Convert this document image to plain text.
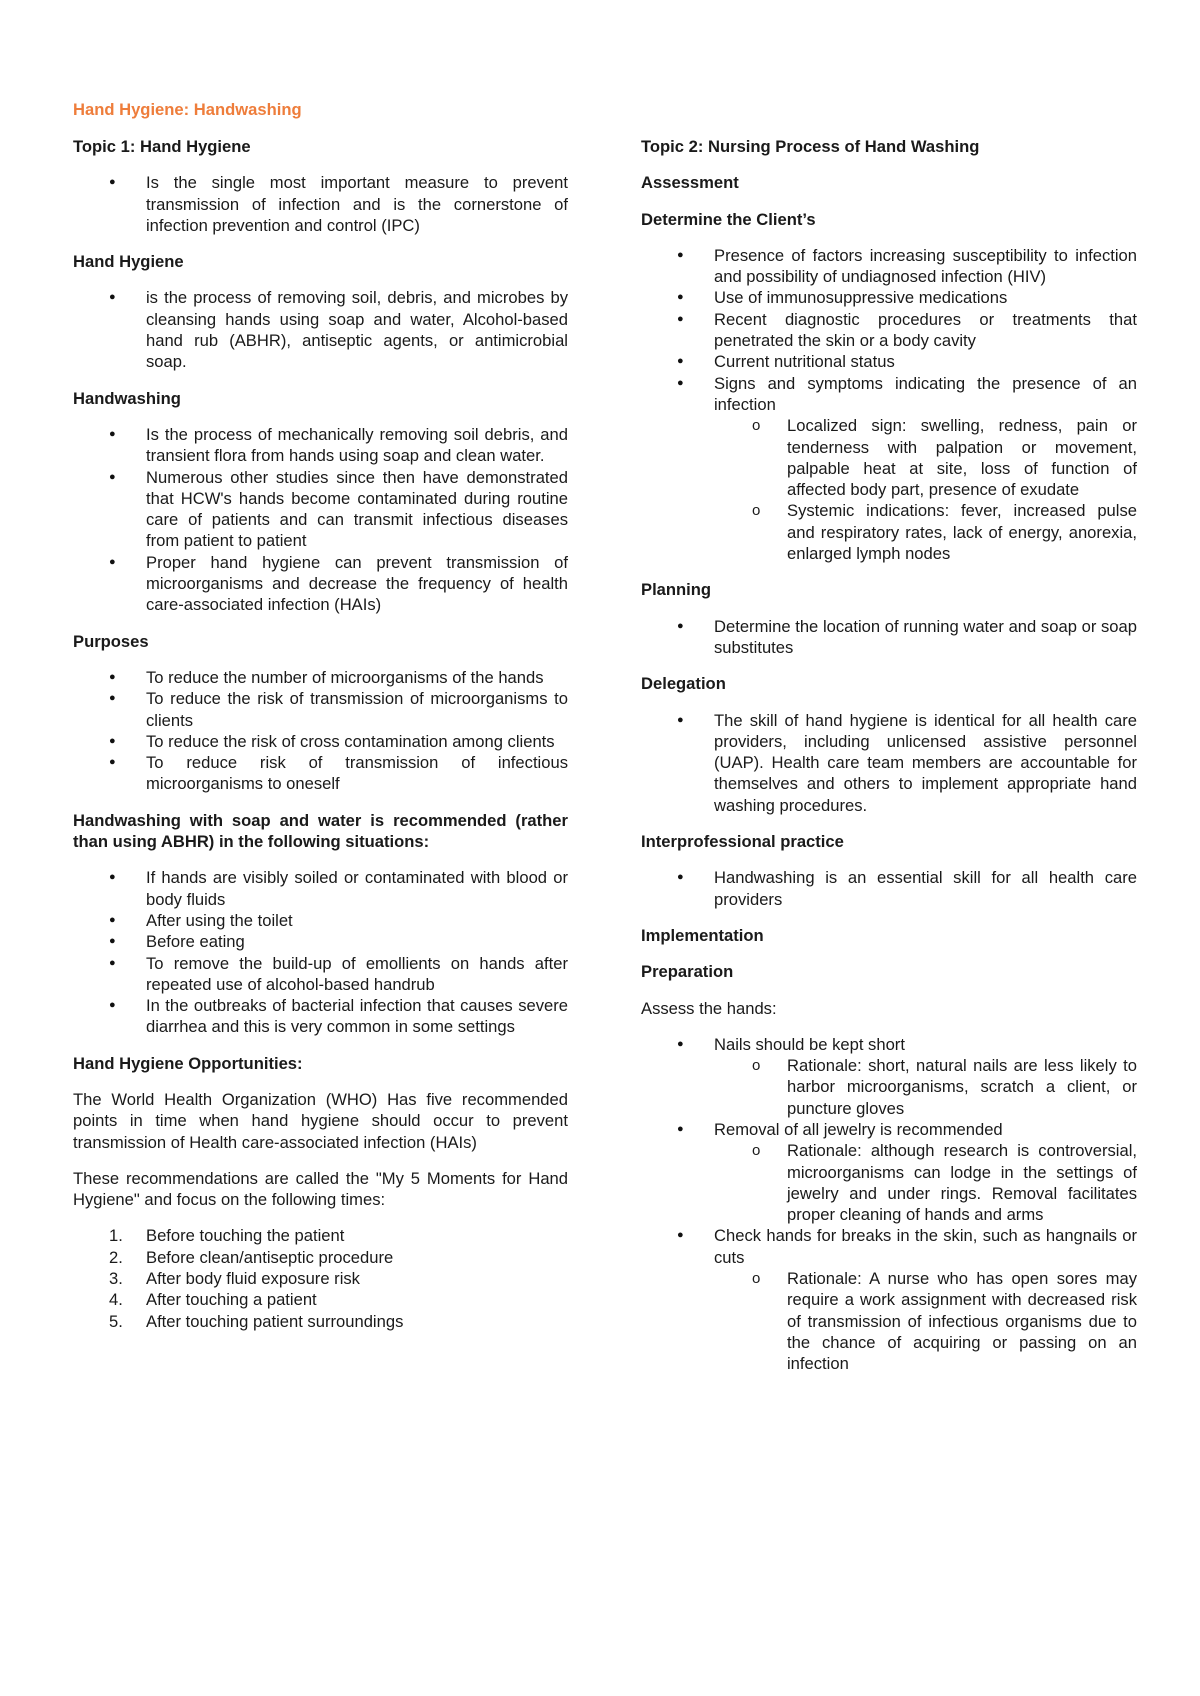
Hand Hygiene: Handwashing
Topic 1: Hand Hygiene
● Is the single most important measure to prevent transmission of infection and is the cornerstone of infection prevention and control (IPC)
Hand Hygiene
● is the process of removing soil, debris, and microbes by cleansing hands using soap and water, Alcohol-based hand rub (ABHR), antiseptic agents, or antimicrobial soap.
Handwashing
● Is the process of mechanically removing soil debris, and transient flora from hands using soap and clean water.
● Numerous other studies since then have demonstrated that HCW's hands become contaminated during routine care of patients and can transmit infectious diseases from patient to patient
● Proper hand hygiene can prevent transmission of microorganisms and decrease the frequency of health care-associated infection (HAIs)
Purposes
● To reduce the number of microorganisms of the hands
● To reduce the risk of transmission of microorganisms to clients
● To reduce the risk of cross contamination among clients
● To reduce risk of transmission of infectious microorganisms to oneself
Handwashing with soap and water is recommended (rather than using ABHR) in the following situations:
● If hands are visibly soiled or contaminated with blood or body fluids
● After using the toilet
● Before eating
● To remove the build-up of emollients on hands after repeated use of alcohol-based handrub
● In the outbreaks of bacterial infection that causes severe diarrhea and this is very common in some settings
Hand Hygiene Opportunities:
The World Health Organization (WHO) Has five recommended points in time when hand hygiene should occur to prevent transmission of Health care-associated infection (HAIs)
These recommendations are called the "My 5 Moments for Hand Hygiene" and focus on the following times:
1. Before touching the patient
2. Before clean/antiseptic procedure
3. After body fluid exposure risk
4. After touching a patient
5. After touching patient surroundings
Topic 2: Nursing Process of Hand Washing
Assessment
Determine the Client’s
● Presence of factors increasing susceptibility to infection and possibility of undiagnosed infection (HIV)
● Use of immunosuppressive medications
● Recent diagnostic procedures or treatments that penetrated the skin or a body cavity
● Current nutritional status
● Signs and symptoms indicating the presence of an infection
o Localized sign: swelling, redness, pain or tenderness with palpation or movement, palpable heat at site, loss of function of affected body part, presence of exudate
o Systemic indications: fever, increased pulse and respiratory rates, lack of energy, anorexia, enlarged lymph nodes
Planning
● Determine the location of running water and soap or soap substitutes
Delegation
● The skill of hand hygiene is identical for all health care providers, including unlicensed assistive personnel (UAP). Health care team members are accountable for themselves and others to implement appropriate hand washing procedures.
Interprofessional practice
● Handwashing is an essential skill for all health care providers
Implementation
Preparation
Assess the hands:
● Nails should be kept short
o Rationale: short, natural nails are less likely to harbor microorganisms, scratch a client, or puncture gloves
● Removal of all jewelry is recommended
o Rationale: although research is controversial, microorganisms can lodge in the settings of jewelry and under rings. Removal facilitates proper cleaning of hands and arms
● Check hands for breaks in the skin, such as hangnails or cuts
o Rationale: A nurse who has open sores may require a work assignment with decreased risk of transmission of infectious organisms due to the chance of acquiring or passing on an infection
